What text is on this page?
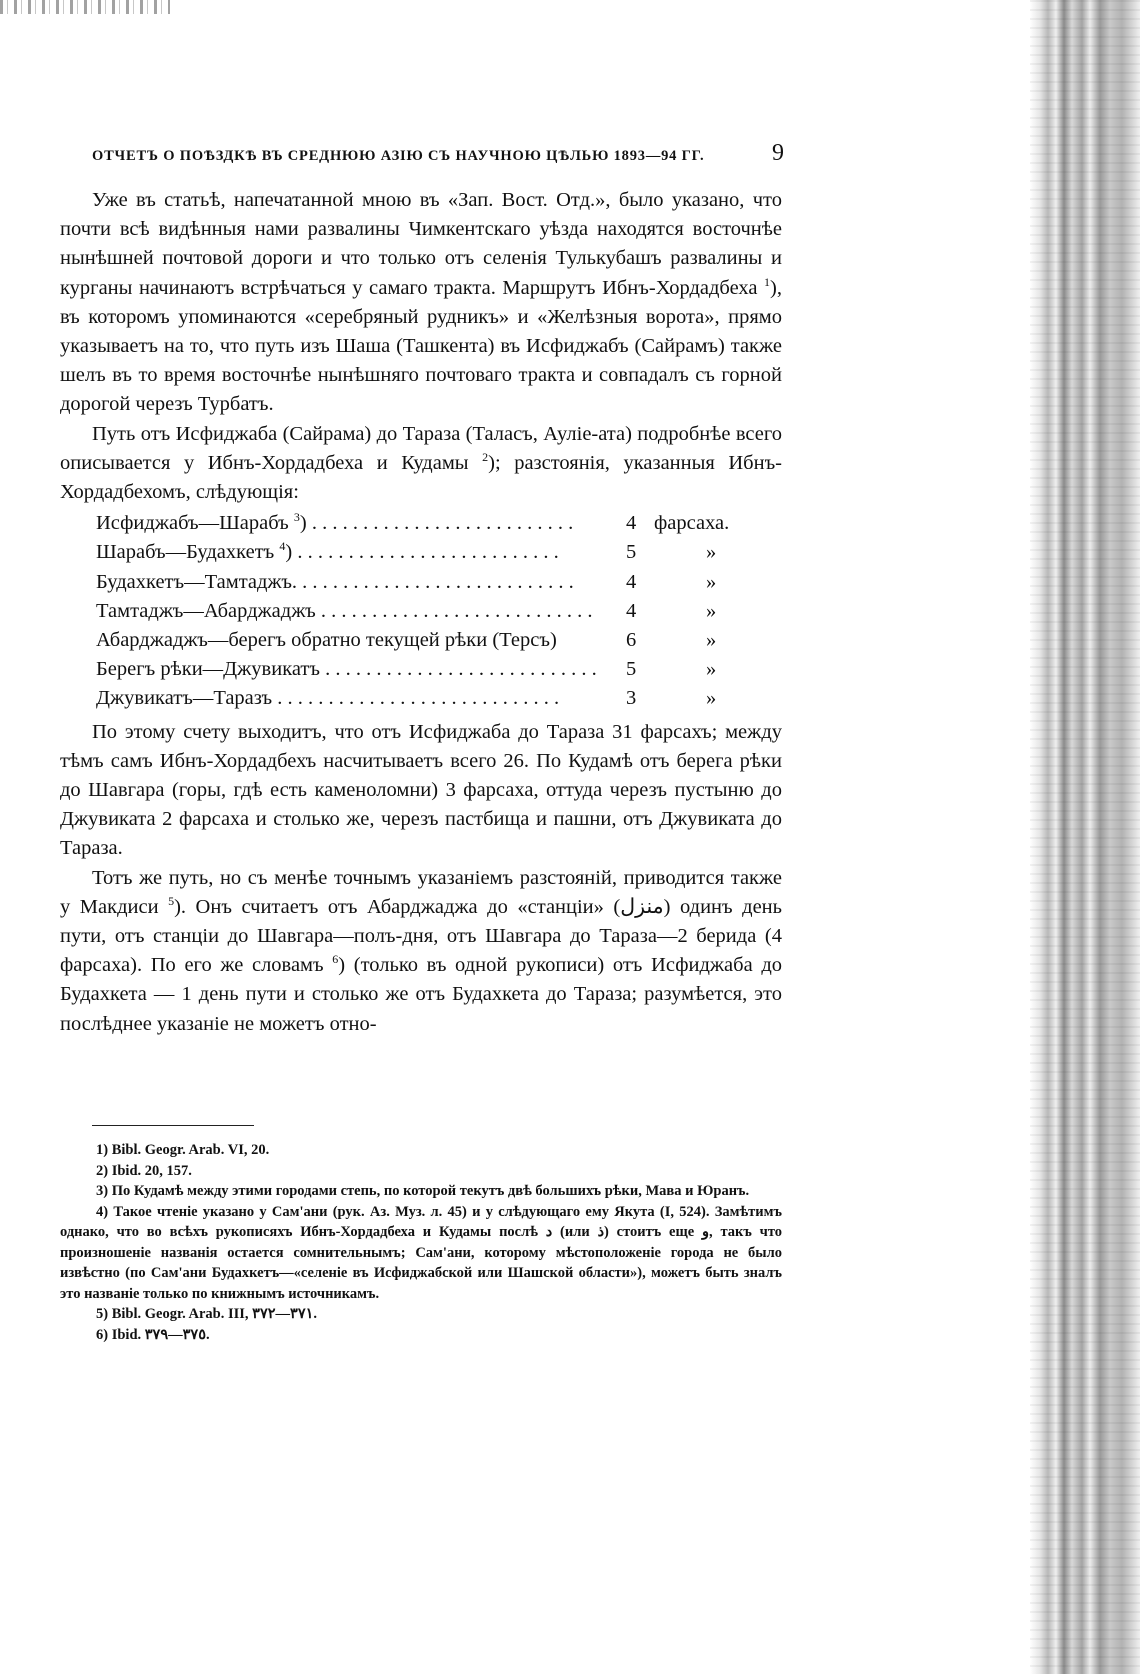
ОТЧЕТЪ О ПОѢЗДКѢ ВЪ СРЕДНЮЮ АЗІЮ СЪ НАУЧНОЮ ЦѢЛЬЮ 1893—94 ГГ.	9

Уже въ статьѣ, напечатанной мною въ «Зап. Вост. Отд.», было указано, что почти всѣ видѣнныя нами развалины Чимкентскаго уѣзда находятся восточнѣе нынѣшней почтовой дороги и что только отъ селенія Тулькубашъ развалины и курганы начинаютъ встрѣчаться у самаго тракта. Маршрутъ Ибнъ-Хордадбеха $^1$), въ которомъ упоминаются «серебряный рудникъ» и «Желѣзныя ворота», прямо указываетъ на то, что путь изъ Шаша (Ташкента) въ Исфиджабъ (Сайрамъ) также шелъ въ то время восточнѣе нынѣшняго почтоваго тракта и совпадалъ съ горной дорогой черезъ Турбатъ.

Путь отъ Исфиджаба (Сайрама) до Тараза (Таласъ, Ауліе-ата) подробнѣе всего описывается у Ибнъ-Хордадбеха и Кудамы $^2$); разстоянія, указанныя Ибнъ-Хордадбехомъ, слѣдующія:

Исфиджабъ—Шарабъ $^3$) . . . . . . . . . . . . . . . . . . . . . . . . . .	4 фарсаха.
Шарабъ—Будахкетъ $^4$) . . . . . . . . . . . . . . . . . . . . . . . . . .	5	»
Будахкетъ—Тамтаджъ. . . . . . . . . . . . . . . . . . . . . . . . . . . .	4	»
Тамтаджъ—Абарджаджъ . . . . . . . . . . . . . . . . . . . . . . . . . . .	4	»
Абарджаджъ—берегъ обратно текущей рѣки (Терсъ)	6	»
Берегъ рѣки—Джувикатъ . . . . . . . . . . . . . . . . . . . . . . . . . . .	5	»
Джувикатъ—Таразъ . . . . . . . . . . . . . . . . . . . . . . . . . . . .	3	»

По этому счету выходитъ, что отъ Исфиджаба до Тараза 31 фарсахъ; между тѣмъ самъ Ибнъ-Хордадбехъ насчитываетъ всего 26. По Кудамѣ отъ берега рѣки до Шавгара (горы, гдѣ есть каменоломни) 3 фарсаха, оттуда черезъ пустыню до Джувиката 2 фарсаха и столько же, черезъ пастбища и пашни, отъ Джувиката до Тараза.

Тотъ же путь, но съ менѣе точнымъ указаніемъ разстояній, приводится также у Макдиси $^5$). Онъ считаетъ отъ Абарджаджа до «станціи» (منزل) одинъ день пути, отъ станціи до Шавгара—полъ-дня, отъ Шавгара до Тараза—2 берида (4 фарсаха). По его же словамъ $^6$) (только въ одной рукописи) отъ Исфиджаба до Будахкета — 1 день пути и столько же отъ Будахкета до Тараза; разумѣется, это послѣднее указаніе не можетъ отно-

1) Bibl. Geogr. Arab. VI, 20.

2) Ibid. 20, 157.

3) По Кудамѣ между этими городами степь, по которой текутъ двѣ большихъ рѣки, Мава и Юранъ.

4) Такое чтеніе указано у Сам'ани (рук. Аз. Муз. л. 45) и у слѣдующаго ему Якута (I, 524). Замѣтимъ однако, что во всѣхъ рукописяхъ Ибнъ-Хордадбеха и Кудамы послѣ د (или ذ) стоитъ еще و, такъ что произношеніе названія остается сомнительнымъ; Сам'ани, которому мѣстоположеніе города не было извѣстно (по Сам'ани Будахкетъ—«селеніе въ Исфиджабской или Шашской области»), можетъ быть зналъ это названіе только по книжнымъ источникамъ.

5) Bibl. Geogr. Arab. III, ٣٧١—٣٧٢.

6) Ibid. ٣٧٥—٣٧٩.
